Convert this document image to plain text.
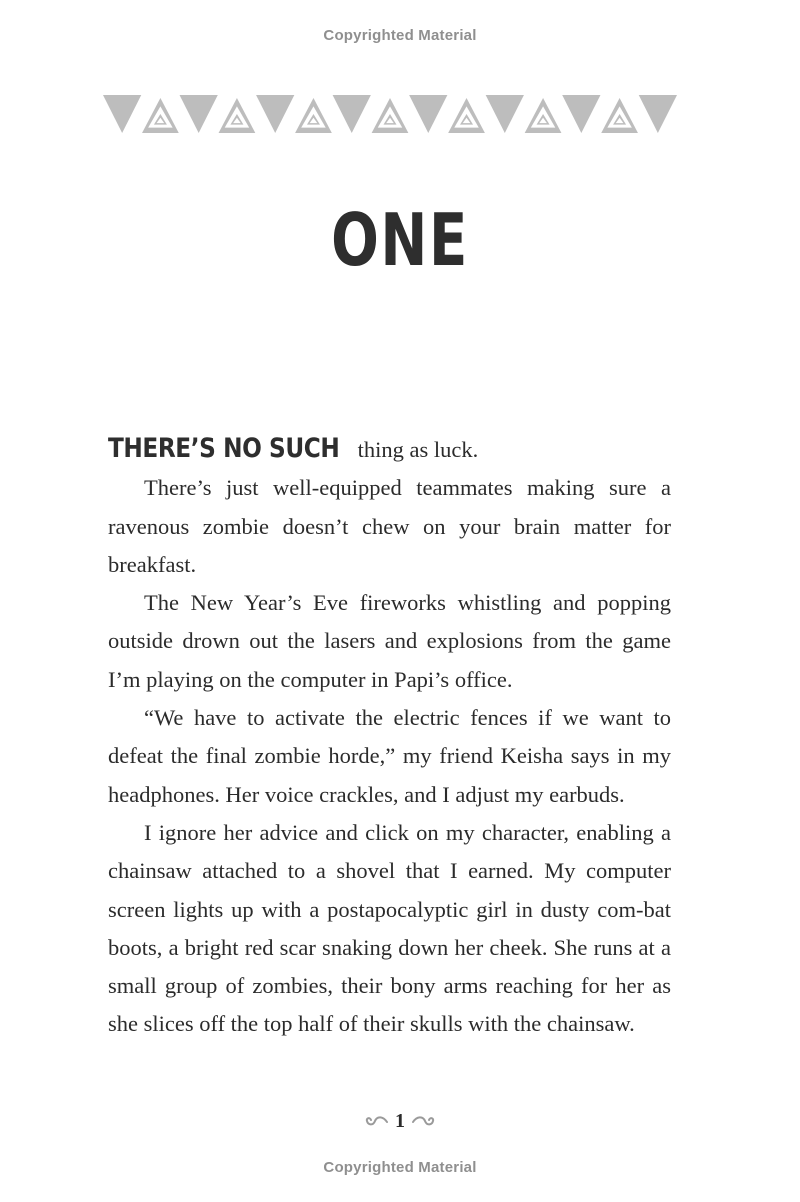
Copyrighted Material
ONE

THERE’S NO SUCH thing as luck.

There’s just well-equipped teammates making sure a ravenous zombie doesn’t chew on your brain matter for breakfast.

The New Year’s Eve fireworks whistling and popping outside drown out the lasers and explosions from the game I’m playing on the computer in Papi’s office.

“We have to activate the electric fences if we want to defeat the final zombie horde,” my friend Keisha says in my headphones. Her voice crackles, and I adjust my earbuds.

I ignore her advice and click on my character, enabling a chainsaw attached to a shovel that I earned. My computer screen lights up with a postapocalyptic girl in dusty com-bat boots, a bright red scar snaking down her cheek. She runs at a small group of zombies, their bony arms reaching for her as she slices off the top half of their skulls with the chainsaw.

1
Copyrighted Material
